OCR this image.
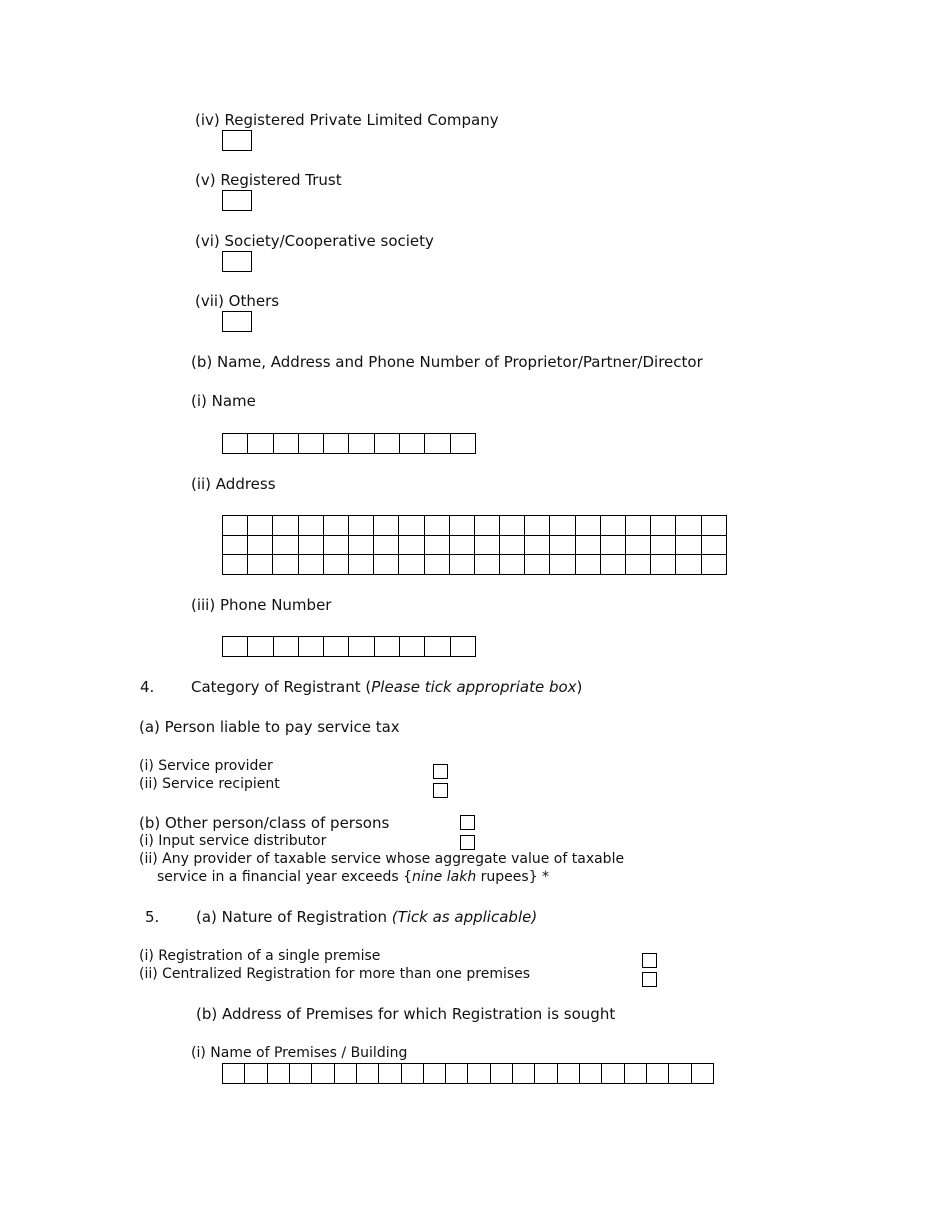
(iv) Registered Private Limited Company
(v) Registered Trust
(vi) Society/Cooperative society
(vii) Others
(b) Name, Address and Phone Number of Proprietor/Partner/Director
(i) Name

(ii) Address

(iii) Phone Number

4. Category of Registrant (Please tick appropriate box)
(a) Person liable to pay service tax
(i) Service provider
(ii) Service recipient
(b) Other person/class of persons
(i) Input service distributor
(ii) Any provider of taxable service whose aggregate value of taxable
service in a financial year exceeds {nine lakh rupees} *
5. (a) Nature of Registration (Tick as applicable)
(i) Registration of a single premise
(ii) Centralized Registration for more than one premises
(b) Address of Premises for which Registration is sought
(i) Name of Premises / Building
